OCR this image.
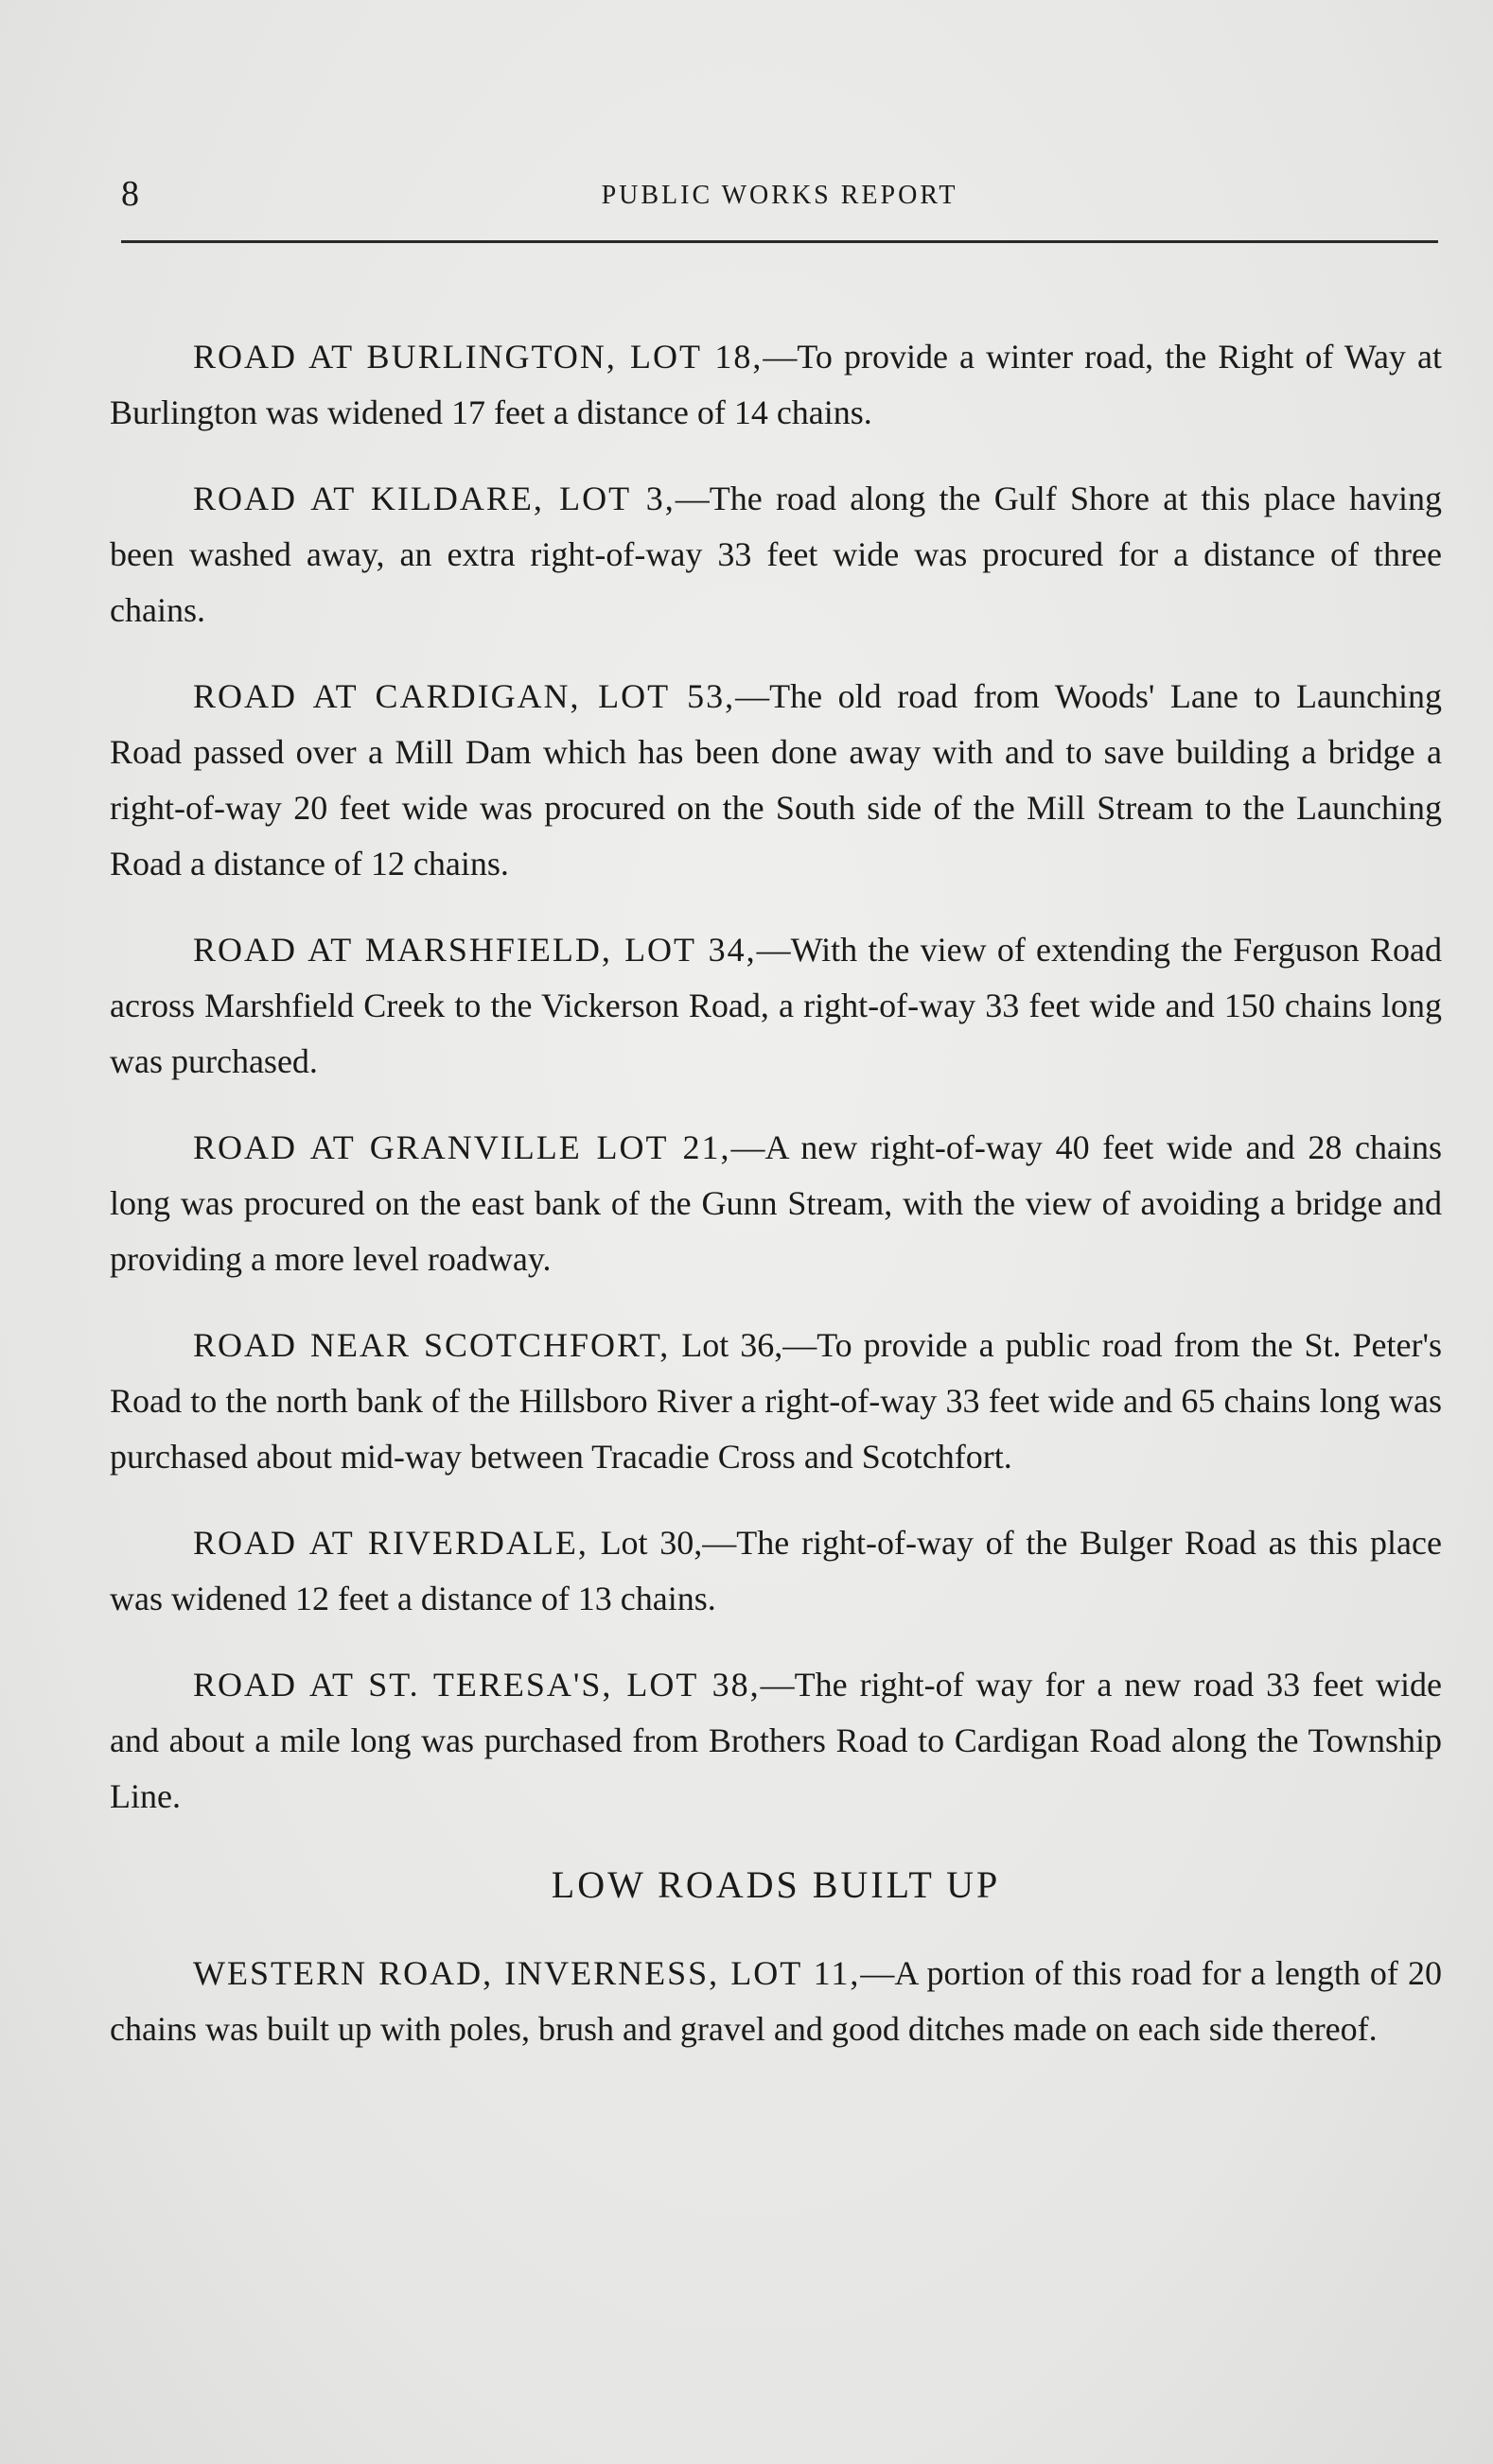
8	PUBLIC WORKS REPORT

ROAD AT BURLINGTON, LOT 18,—To provide a winter road, the Right of Way at Burlington was widened 17 feet a distance of 14 chains.

ROAD AT KILDARE, LOT 3,—The road along the Gulf Shore at this place having been washed away, an extra right-of-way 33 feet wide was procured for a distance of three chains.

ROAD AT CARDIGAN, LOT 53,—The old road from Woods' Lane to Launching Road passed over a Mill Dam which has been done away with and to save building a bridge a right-of-way 20 feet wide was procured on the South side of the Mill Stream to the Launching Road a distance of 12 chains.

ROAD AT MARSHFIELD, LOT 34,—With the view of extending the Ferguson Road across Marshfield Creek to the Vickerson Road, a right-of-way 33 feet wide and 150 chains long was purchased.

ROAD AT GRANVILLE LOT 21,—A new right-of-way 40 feet wide and 28 chains long was procured on the east bank of the Gunn Stream, with the view of avoiding a bridge and providing a more level roadway.

ROAD NEAR SCOTCHFORT, Lot 36,—To provide a public road from the St. Peter's Road to the north bank of the Hillsboro River a right-of-way 33 feet wide and 65 chains long was purchased about mid-way between Tracadie Cross and Scotchfort.

ROAD AT RIVERDALE, Lot 30,—The right-of-way of the Bulger Road as this place was widened 12 feet a distance of 13 chains.

ROAD AT ST. TERESA'S, LOT 38,—The right-of way for a new road 33 feet wide and about a mile long was purchased from Brothers Road to Cardigan Road along the Township Line.

LOW ROADS BUILT UP

WESTERN ROAD, INVERNESS, LOT 11,—A portion of this road for a length of 20 chains was built up with poles, brush and gravel and good ditches made on each side thereof.
